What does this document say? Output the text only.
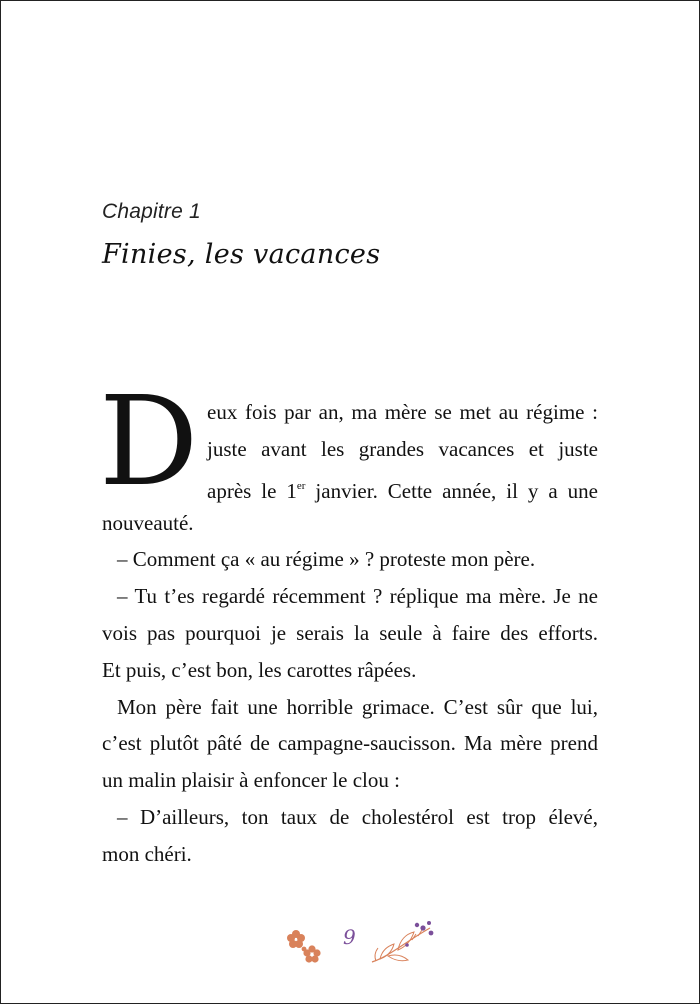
Chapitre 1
Finies, les vacances
D eux fois par an, ma mère se met au régime :
juste avant les grandes vacances et juste
après le 1er janvier. Cette année, il y a une
nouveauté.
– Comment ça « au régime » ? proteste mon père.
– Tu t’es regardé récemment ? réplique ma mère. Je ne
vois pas pourquoi je serais la seule à faire des efforts.
Et puis, c’est bon, les carottes râpées.
Mon père fait une horrible grimace. C’est sûr que lui,
c’est plutôt pâté de campagne-saucisson. Ma mère prend
un malin plaisir à enfoncer le clou :
– D’ailleurs, ton taux de cholestérol est trop élevé,
mon chéri.
9
